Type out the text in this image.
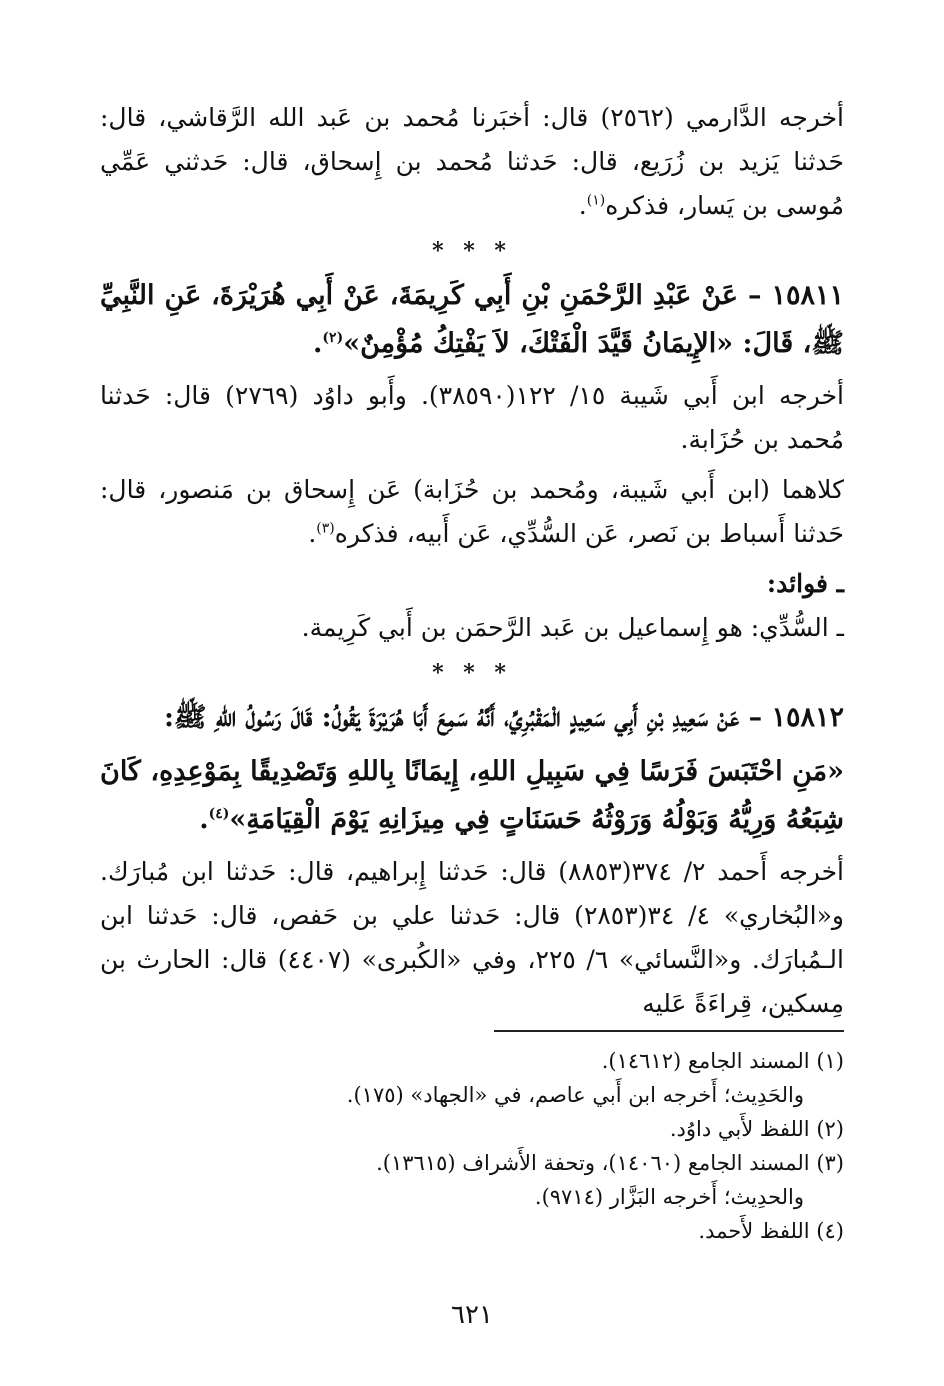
أخرجه الدَّارمي (٢٥٦٢) قال: أخبَرنا مُحمد بن عَبد الله الرَّقاشي، قال: حَدثنا يَزيد بن زُرَيع، قال: حَدثنا مُحمد بن إِسحاق، قال: حَدثني عَمِّي مُوسى بن يَسار، فذكره$^{(١)}$.

* * *

١٥٨١١ – عَنْ عَبْدِ الرَّحْمَنِ بْنِ أَبِي كَرِيمَةَ، عَنْ أَبِي هُرَيْرَةَ، عَنِ النَّبِيِّ ﷺ، قَالَ: «الإِيمَانُ قَيَّدَ الْفَتْكَ، لاَ يَفْتِكُ مُؤْمِنٌ»$^{(٢)}$.

أخرجه ابن أَبي شَيبة ١٥/ ١٢٢(٣٨٥٩٠). وأَبو داوُد (٢٧٦٩) قال: حَدثنا مُحمد بن حُزَابة.

كلاهما (ابن أَبي شَيبة، ومُحمد بن حُزَابة) عَن إِسحاق بن مَنصور، قال: حَدثنا أَسباط بن نَصر، عَن السُّدِّي، عَن أَبيه، فذكره$^{(٣)}$.

ـ فوائد:

ـ السُّدِّي: هو إِسماعيل بن عَبد الرَّحمَن بن أَبي كَرِيمة.

* * *

١٥٨١٢ – عَنْ سَعِيدِ بْنِ أَبِي سَعِيدٍ الْمَقْبُرِيِّ، أَنَّهُ سَمِعَ أَبَا هُرَيْرَةَ يَقُولُ: قَالَ رَسُولُ اللهِ ﷺ:

«مَنِ احْتَبَسَ فَرَسًا فِي سَبِيلِ اللهِ، إِيمَانًا بِاللهِ وَتَصْدِيقًا بِمَوْعِدِهِ، كَانَ شِبَعُهُ وَرِيُّهُ وَبَوْلُهُ وَرَوْثُهُ حَسَنَاتٍ فِي مِيزَانِهِ يَوْمَ الْقِيَامَةِ»$^{(٤)}$.

أخرجه أَحمد ٢/ ٣٧٤(٨٨٥٣) قال: حَدثنا إِبراهيم، قال: حَدثنا ابن مُبارَك. و«البُخاري» ٤/ ٣٤(٢٨٥٣) قال: حَدثنا علي بن حَفص، قال: حَدثنا ابن الـمُبارَك. و«النَّسائي» ٦/ ٢٢٥، وفي «الكُبرى» (٤٤٠٧) قال: الحارث بن مِسكين، قِراءَةً عَليه

(١) المسند الجامع (١٤٦١٢).

والحَدِيث؛ أَخرجه ابن أَبي عاصم، في «الجهاد» (١٧٥).

(٢) اللفظ لأَبي داوُد.

(٣) المسند الجامع (١٤٠٦٠)، وتحفة الأَشراف (١٣٦١٥).

والحدِيث؛ أَخرجه البَزَّار (٩٧١٤).

(٤) اللفظ لأَحمد.

٦٢١
